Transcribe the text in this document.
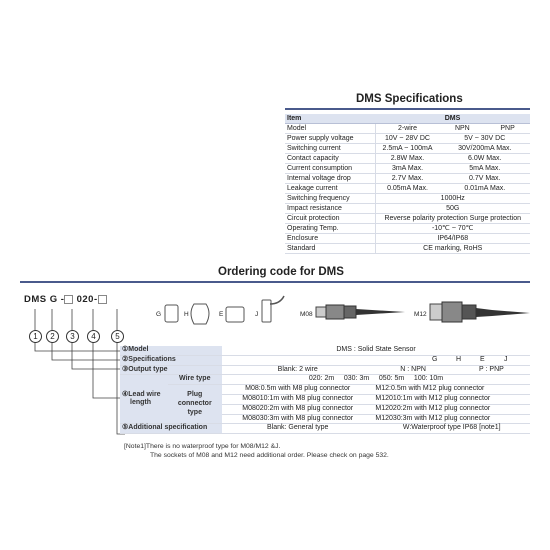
DMS Specifications
Item	DMS		
Model	2-wire	NPN	PNP
Power supply voltage	10V ~ 28V DC	5V ~ 30V DC	
Switching current	2.5mA ~ 100mA	30V/200mA Max.	
Contact capacity	2.8W Max.	6.0W Max.	
Current consumption	3mA Max.	5mA Max.	
Internal voltage drop	2.7V Max.	0.7V Max.	
Leakage current	0.05mA Max.	0.01mA Max.	
Switching frequency	1000Hz		
Impact resistance	50G		
Circuit protection	Reverse polarity protection Surge protection		
Operating Temp.	-10℃ ~ 70℃		
Enclosure	IP64/IP68		
Standard	CE marking, RoHS		
Ordering code for DMS
DMS G - 020-
G	H	E	J	M08	M12
1	2	3	4	5
①Model		DMS : Solid State Sensor		
②Specifications		G H E J		
③Output type		Blank: 2 wire	N : NPN	P : PNP

④Lead wire
length	Wire type	020: 2m     030: 3m     050: 5m     100: 10m		

	Plug
connector
type	M08:0.5m with M8 plug connector	M12:0.5m with M12 plug connector	
		M08010:1m with M8 plug connector	M12010:1m with M12 plug connector	
		M08020:2m with M8 plug connector	M12020:2m with M12 plug connector	
		M08030:3m with M8 plug connector	M12030:3m with M12 plug connector	
⑤Additional specification		Blank: General type	W:Waterproof type IP68 [note1]	
[Note1]There is no waterproof type for M08/M12 &J.
The sockets of M08 and M12 need additional order. Please check on page 532.
